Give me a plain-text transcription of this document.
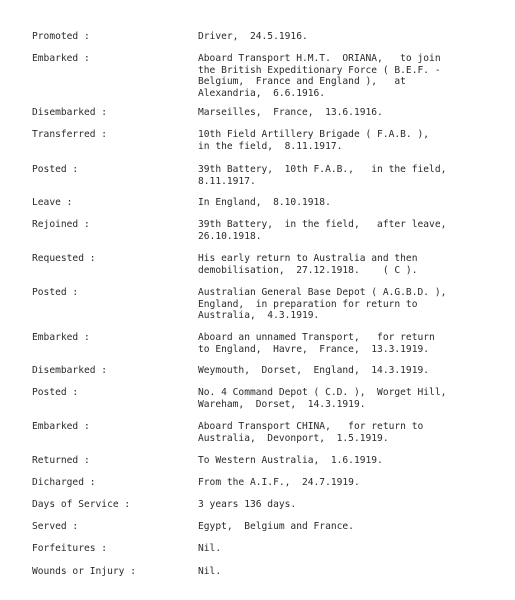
Promoted :	Driver,  24.5.1916.
Embarked :	Aboard Transport H.M.T.  ORIANA,   to join
the British Expeditionary Force ( B.E.F. -
Belgium,  France and England ),   at
Alexandria,  6.6.1916.
Disembarked :	Marseilles,  France,  13.6.1916.
Transferred :	10th Field Artillery Brigade ( F.A.B. ),
in the field,  8.11.1917.
Posted :	39th Battery,  10th F.A.B.,   in the field,
8.11.1917.
Leave :	In England,  8.10.1918.
Rejoined :	39th Battery,  in the field,   after leave,
26.10.1918.
Requested :	His early return to Australia and then
demobilisation,  27.12.1918.    ( C ).
Posted :	Australian General Base Depot ( A.G.B.D. ),
England,  in preparation for return to
Australia,  4.3.1919.
Embarked :	Aboard an unnamed Transport,   for return
to England,  Havre,  France,  13.3.1919.
Disembarked :	Weymouth,  Dorset,  England,  14.3.1919.
Posted :	No. 4 Command Depot ( C.D. ),  Worget Hill,
Wareham,  Dorset,  14.3.1919.
Embarked :	Aboard Transport CHINA,   for return to
Australia,  Devonport,  1.5.1919.
Returned :	To Western Australia,  1.6.1919.
Dicharged :	From the A.I.F.,  24.7.1919.
Days of Service :	3 years 136 days.
Served :	Egypt,  Belgium and France.
Forfeitures :	Nil.
Wounds or Injury :	Nil.
